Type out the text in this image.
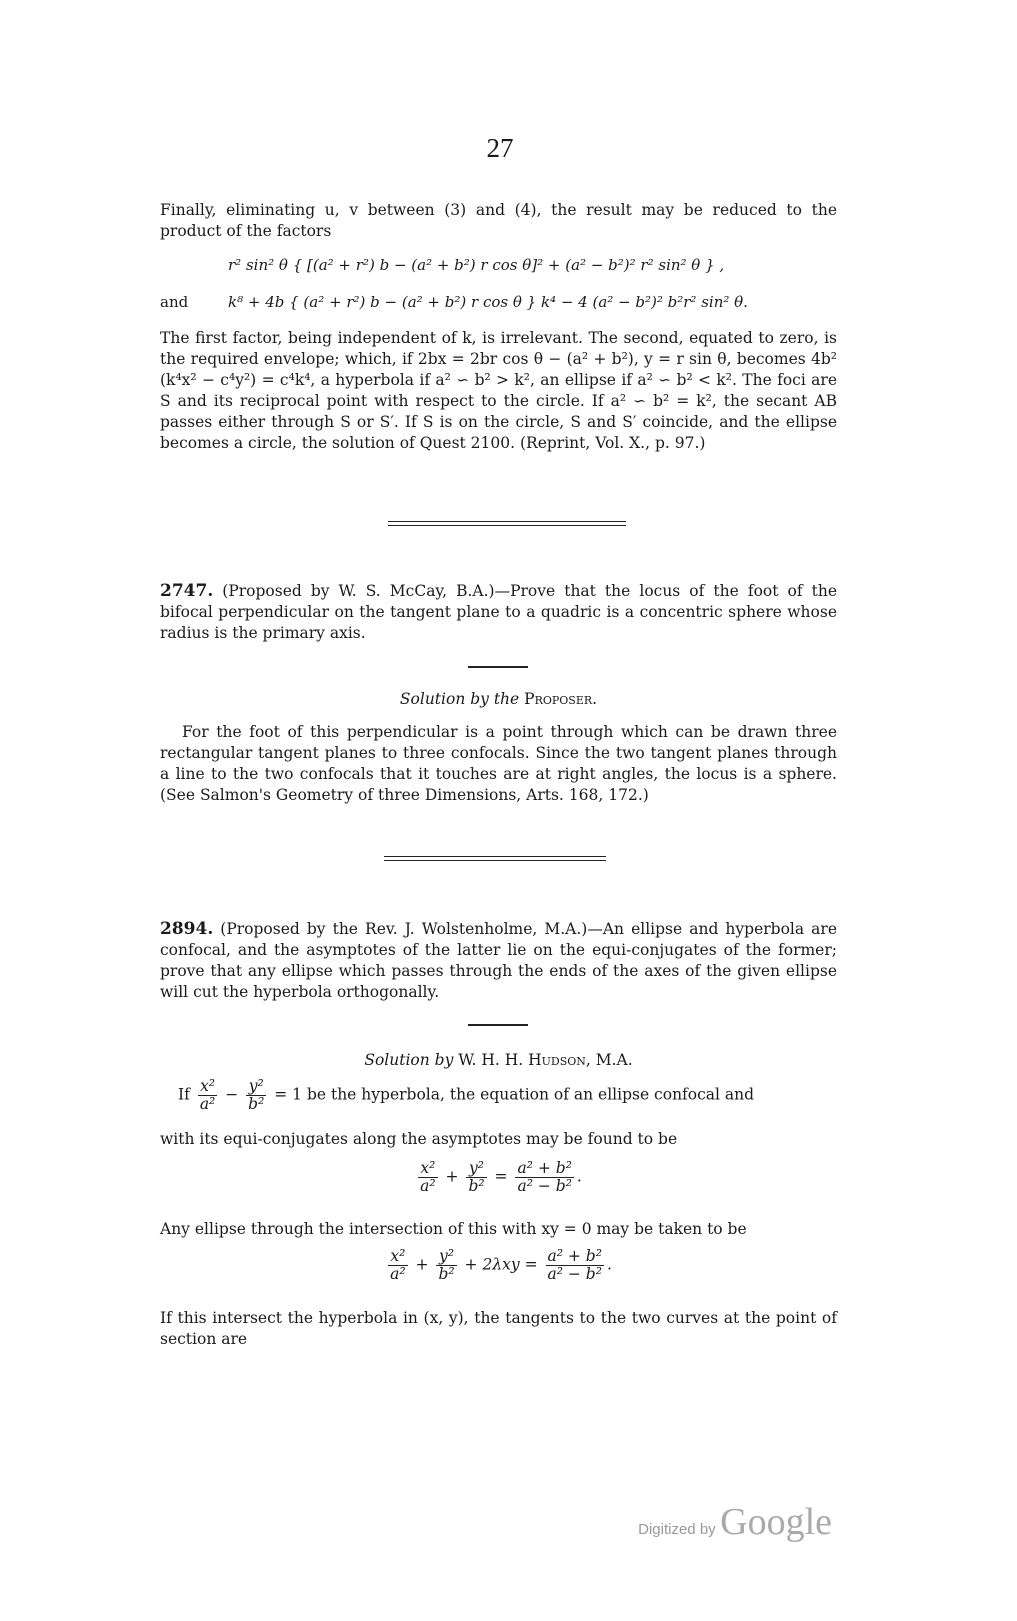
27
Finally, eliminating u, v between (3) and (4), the result may be reduced to the product of the factors
r² sin² θ { [(a² + r²) b − (a² + b²) r cos θ]² + (a² − b²)² r² sin² θ } ,
and	k⁸ + 4b { (a² + r²) b − (a² + b²) r cos θ } k⁴ − 4 (a² − b²)² b²r² sin² θ.
The first factor, being independent of k, is irrelevant. The second, equated to zero, is the required envelope; which, if 2bx = 2br cos θ − (a² + b²), y = r sin θ, becomes 4b² (k⁴x² − c⁴y²) = c⁴k⁴, a hyperbola if a² ∽ b² > k², an ellipse if a² ∽ b² < k². The foci are S and its reciprocal point with respect to the circle. If a² ∽ b² = k², the secant AB passes either through S or S′. If S is on the circle, S and S′ coincide, and the ellipse becomes a circle, the solution of Quest 2100. (Reprint, Vol. X., p. 97.)
2747. (Proposed by W. S. McCay, B.A.)—Prove that the locus of the foot of the bifocal perpendicular on the tangent plane to a quadric is a concentric sphere whose radius is the primary axis.
Solution by the Proposer.
For the foot of this perpendicular is a point through which can be drawn three rectangular tangent planes to three confocals. Since the two tangent planes through a line to the two confocals that it touches are at right angles, the locus is a sphere. (See Salmon's Geometry of three Dimensions, Arts. 168, 172.)
2894. (Proposed by the Rev. J. Wolstenholme, M.A.)—An ellipse and hyperbola are confocal, and the asymptotes of the latter lie on the equi-conjugates of the former; prove that any ellipse which passes through the ends of the axes of the given ellipse will cut the hyperbola orthogonally.
Solution by W. H. H. Hudson, M.A.
If $\frac{\text{x²}}{\text{a²}} - \frac{\text{y²}}{\text{b²}} = 1$ be the hyperbola, the equation of an ellipse confocal and
with its equi-conjugates along the asymptotes may be found to be
$\frac{\text{x²}}{\text{a²}} + \frac{\text{y²}}{\text{b²}} = \frac{\text{a² + b²}}{\text{a² − b²}}$ .
Any ellipse through the intersection of this with xy = 0 may be taken to be
$\frac{\text{x²}}{\text{a²}} + \frac{\text{y²}}{\text{b²}} + 2\lambda xy = \frac{\text{a² + b²}}{\text{a² − b²}}$ .
If this intersect the hyperbola in (x, y), the tangents to the two curves at the point of section are
Digitized by Google
